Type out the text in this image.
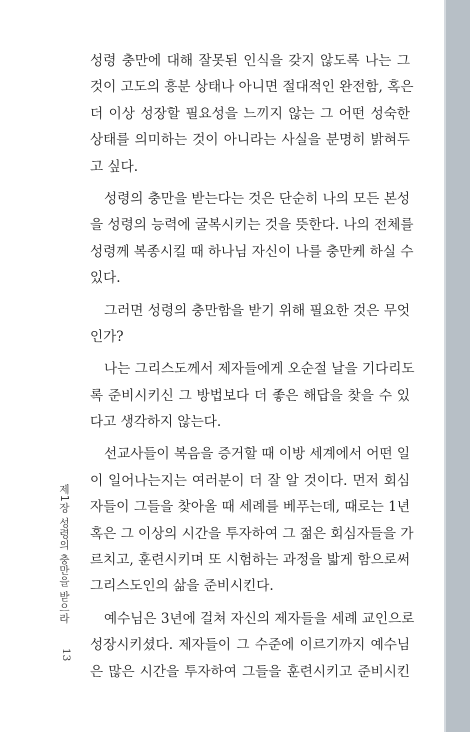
성령 충만에 대해 잘못된 인식을 갖지 않도록 나는 그
것이 고도의 흥분 상태나 아니면 절대적인 완전함, 혹은
더 이상 성장할 필요성을 느끼지 않는 그 어떤 성숙한
상태를 의미하는 것이 아니라는 사실을 분명히 밝혀두
고 싶다.

성령의 충만을 받는다는 것은 단순히 나의 모든 본성
을 성령의 능력에 굴복시키는 것을 뜻한다. 나의 전체를
성령께 복종시킬 때 하나님 자신이 나를 충만케 하실 수
있다.

그러면 성령의 충만함을 받기 위해 필요한 것은 무엇
인가?

나는 그리스도께서 제자들에게 오순절 날을 기다리도
록 준비시키신 그 방법보다 더 좋은 해답을 찾을 수 있
다고 생각하지 않는다.

선교사들이 복음을 증거할 때 이방 세계에서 어떤 일
이 일어나는지는 여러분이 더 잘 알 것이다. 먼저 회심
자들이 그들을 찾아올 때 세례를 베푸는데, 때로는 1년
혹은 그 이상의 시간을 투자하여 그 젊은 회심자들을 가
르치고, 훈련시키며 또 시험하는 과정을 밟게 함으로써
그리스도인의 삶을 준비시킨다.

예수님은 3년에 걸쳐 자신의 제자들을 세례 교인으로
성장시키셨다. 제자들이 그 수준에 이르기까지 예수님
은 많은 시간을 투자하여 그들을 훈련시키고 준비시킨

제1장 성령의 충만을 받으라
13
